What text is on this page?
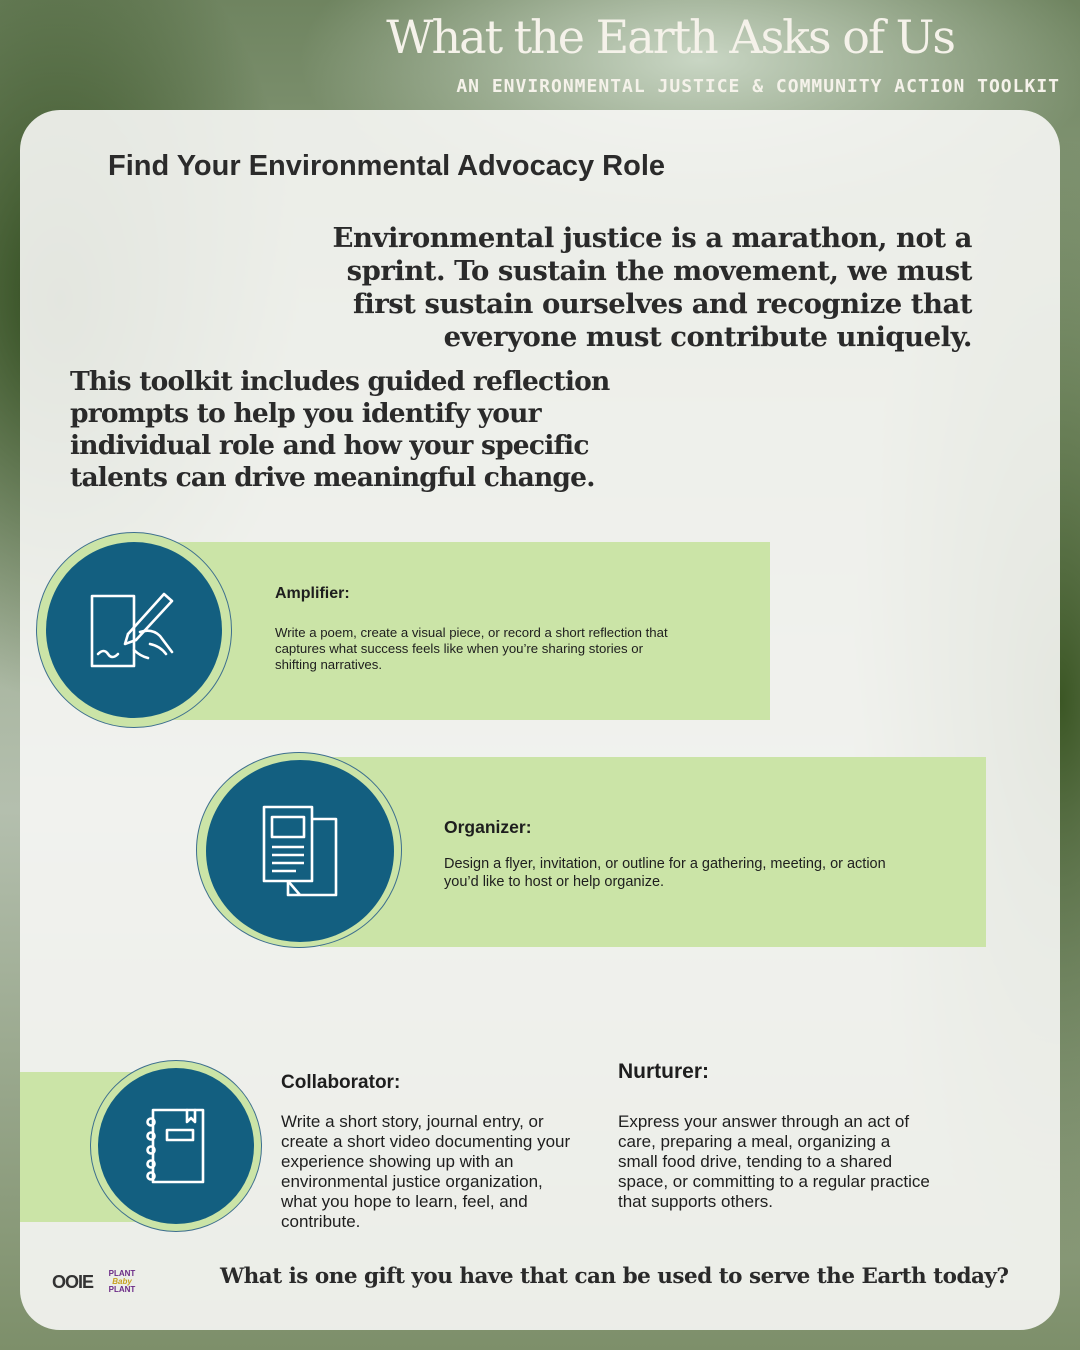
What the Earth Asks of Us
AN ENVIRONMENTAL JUSTICE & COMMUNITY ACTION TOOLKIT
Find Your Environmental Advocacy Role
Environmental justice is a marathon, not a sprint. To sustain the movement, we must first sustain ourselves and recognize that everyone must contribute uniquely.
This toolkit includes guided reflection prompts to help you identify your individual role and how your specific talents can drive meaningful change.
Amplifier:
Write a poem, create a visual piece, or record a short reflection that captures what success feels like when you’re sharing stories or shifting narratives.
Organizer:
Design a flyer, invitation, or outline for a gathering, meeting, or action you’d like to host or help organize.
Collaborator:
Write a short story, journal entry, or create a short video documenting your experience showing up with an environmental justice organization, what you hope to learn, feel, and contribute.
Nurturer:
Express your answer through an act of care, preparing a meal, organizing a small food drive, tending to a shared space, or committing to a regular practice that supports others.
OOIE	PLANT
Baby
PLANT
What is one gift you have that can be used to serve the Earth today?
